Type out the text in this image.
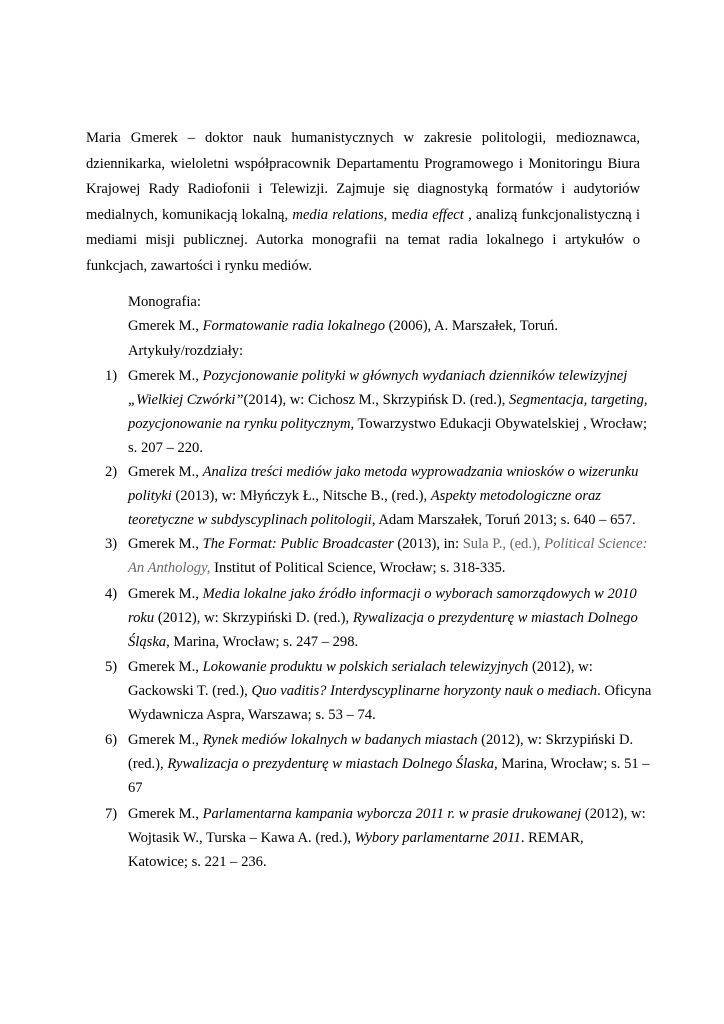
Maria Gmerek – doktor nauk humanistycznych w zakresie politologii, medioznawca, dziennikarka, wieloletni współpracownik Departamentu Programowego i Monitoringu Biura Krajowej Rady Radiofonii i Telewizji. Zajmuje się diagnostyką formatów i audytoriów medialnych, komunikacją lokalną, media relations, media effect , analizą funkcjonalistyczną i mediami misji publicznej. Autorka monografii na temat radia lokalnego i artykułów o funkcjach, zawartości i rynku mediów.
Monografia:
Gmerek M., Formatowanie radia lokalnego (2006), A. Marszałek, Toruń.
Artykuły/rozdziały:
1) Gmerek M., Pozycjonowanie polityki w głównych wydaniach dzienników telewizyjnej
„Wielkiej Czwórki”(2014), w: Cichosz M., Skrzypińsk D. (red.), Segmentacja, targeting,
pozycjonowanie na rynku politycznym, Towarzystwo Edukacji Obywatelskiej , Wrocław;
s. 207 – 220.
2) Gmerek M., Analiza treści mediów jako metoda wyprowadzania wniosków o wizerunku
polityki (2013), w: Młyńczyk Ł., Nitsche B., (red.), Aspekty metodologiczne oraz
teoretyczne w subdyscyplinach politologii, Adam Marszałek, Toruń 2013; s. 640 – 657.
3) Gmerek M., The Format: Public Broadcaster (2013), in: Sula P., (ed.), Political Science:
An Anthology, Institut of Political Science, Wrocław; s. 318-335.
4) Gmerek M., Media lokalne jako źródło informacji o wyborach samorządowych w 2010
roku (2012), w: Skrzypiński D. (red.), Rywalizacja o prezydenturę w miastach Dolnego
Śląska, Marina, Wrocław; s. 247 – 298.
5) Gmerek M., Lokowanie produktu w polskich serialach telewizyjnych (2012), w:
Gackowski T. (red.), Quo vaditis? Interdyscyplinarne horyzonty nauk o mediach. Oficyna
Wydawnicza Aspra, Warszawa; s. 53 – 74.
6) Gmerek M., Rynek mediów lokalnych w badanych miastach (2012), w: Skrzypiński D.
(red.), Rywalizacja o prezydenturę w miastach Dolnego Ślaska, Marina, Wrocław; s. 51 –
67
7) Gmerek M., Parlamentarna kampania wyborcza 2011 r. w prasie drukowanej (2012), w:
Wojtasik W., Turska – Kawa A. (red.), Wybory parlamentarne 2011. REMAR,
Katowice; s. 221 – 236.
